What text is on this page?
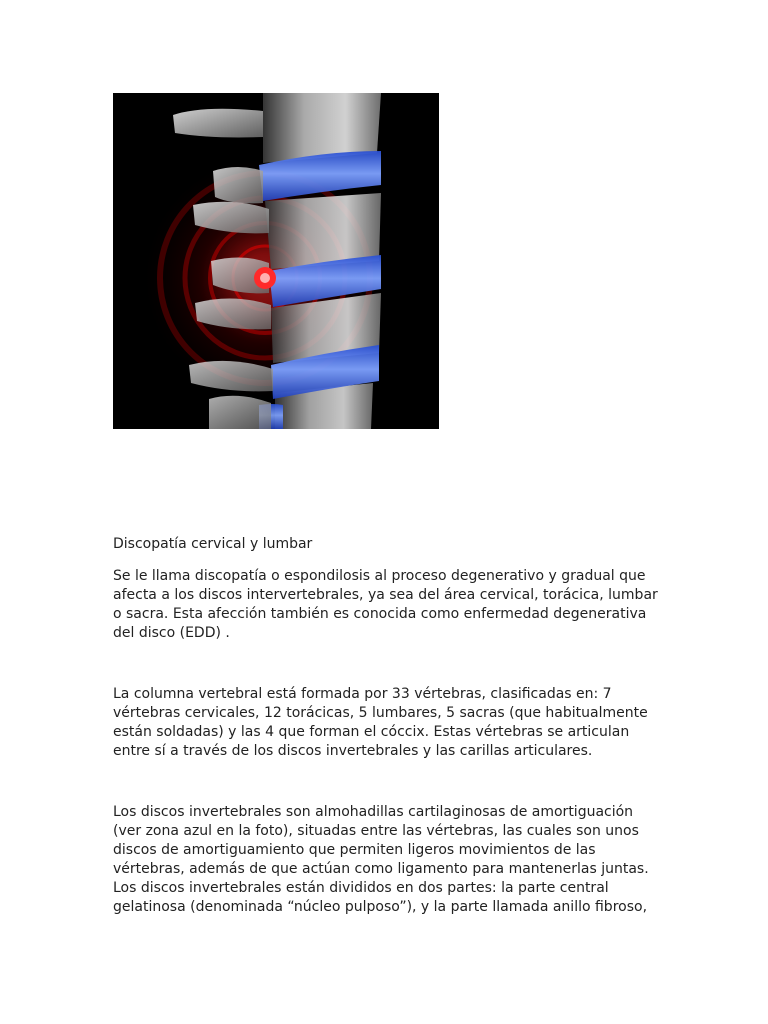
Discopatía cervical y lumbar

Se le llama discopatía o espondilosis al proceso degenerativo y gradual que afecta a los discos intervertebrales, ya sea del área cervical, torácica, lumbar o sacra. Esta afección también es conocida como enfermedad degenerativa del disco (EDD) .

La columna vertebral está formada por 33 vértebras, clasificadas en: 7 vértebras cervicales, 12 torácicas, 5 lumbares, 5 sacras (que habitualmente están soldadas) y las 4 que forman el cóccix. Estas vértebras se articulan entre sí a través de los discos invertebrales y las carillas articulares.

Los discos invertebrales son almohadillas cartilaginosas de amortiguación (ver zona azul en la foto), situadas entre las vértebras, las cuales son unos discos de amortiguamiento que permiten ligeros movimientos de las vértebras, además de que actúan como ligamento para mantenerlas juntas. Los discos invertebrales están divididos en dos partes: la parte central gelatinosa (denominada “núcleo pulposo”), y la parte llamada anillo fibroso,
